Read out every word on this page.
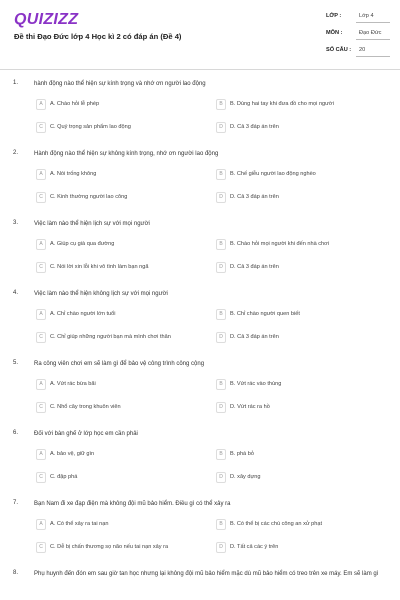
QUIZIZZ
Đề thi Đạo Đức lớp 4 Học kì 2 có đáp án (Đề 4)
LỚP :	Lớp 4
MÔN :	Đạo Đức
SỐ CÂU : 20
1.	hành động nào thể hiện sự kính trọng và nhớ ơn người lao động
A	A. Chào hỏi lễ phép	B	B. Dùng hai tay khi đưa đồ cho mọi người
C	C. Quý trọng sản phẩm lao động	D	D. Cả 3 đáp án trên
2.	Hành động nào thể hiện sự không kính trọng, nhớ ơn người lao động
A	A. Nói trống không	B	B. Chế giễu người lao động nghèo
C	C. Kinh thường người lao công	D	D. Cả 3 đáp án trên
3.	Việc làm nào thể hiện lịch sự với mọi người
A	A. Giúp cụ già qua đường	B	B. Chào hỏi mọi người khi đến nhà chơi
C	C. Nói lời xin lỗi khi vô tình làm bạn ngã	D	D. Cả 3 đáp án trên
4.	Việc làm nào thể hiện không lịch sự với mọi người
A	A. Chỉ chào người lớn tuổi	B	B. Chỉ chào người quen biết
C	C. Chỉ giúp những người bạn mà mình chơi thân	D	D. Cả 3 đáp án trên
5.	Ra công viên chơi em sẽ làm gì để bảo vệ công trình công cộng
A	A. Vứt rác bừa bãi	B	B. Vứt rác vào thùng
C	C. Nhổ cây trong khuôn viên	D	D. Vứt rác ra hồ
6.	Đối với bàn ghế ở lớp học em cần phải
A	A. bảo vệ, giữ gìn	B	B. phá bỏ
C	C. đập phá	D	D. xây dựng
7.	Bạn Nam đi xe đạp điện mà không đội mũ bảo hiểm. Điều gì có thể xảy ra
A	A. Có thể xảy ra tai nạn	B	B. Có thể bị các chú công an xử phạt
C	C. Dễ bị chấn thương sọ não nếu tai nạn xảy ra	D	D. Tất cả các ý trên
8.	Phụ huynh đến đón em sau giờ tan học nhưng lại không đội mũ bảo hiểm mặc dù mũ bảo hiểm có treo trên xe máy. Em sẽ làm gì
